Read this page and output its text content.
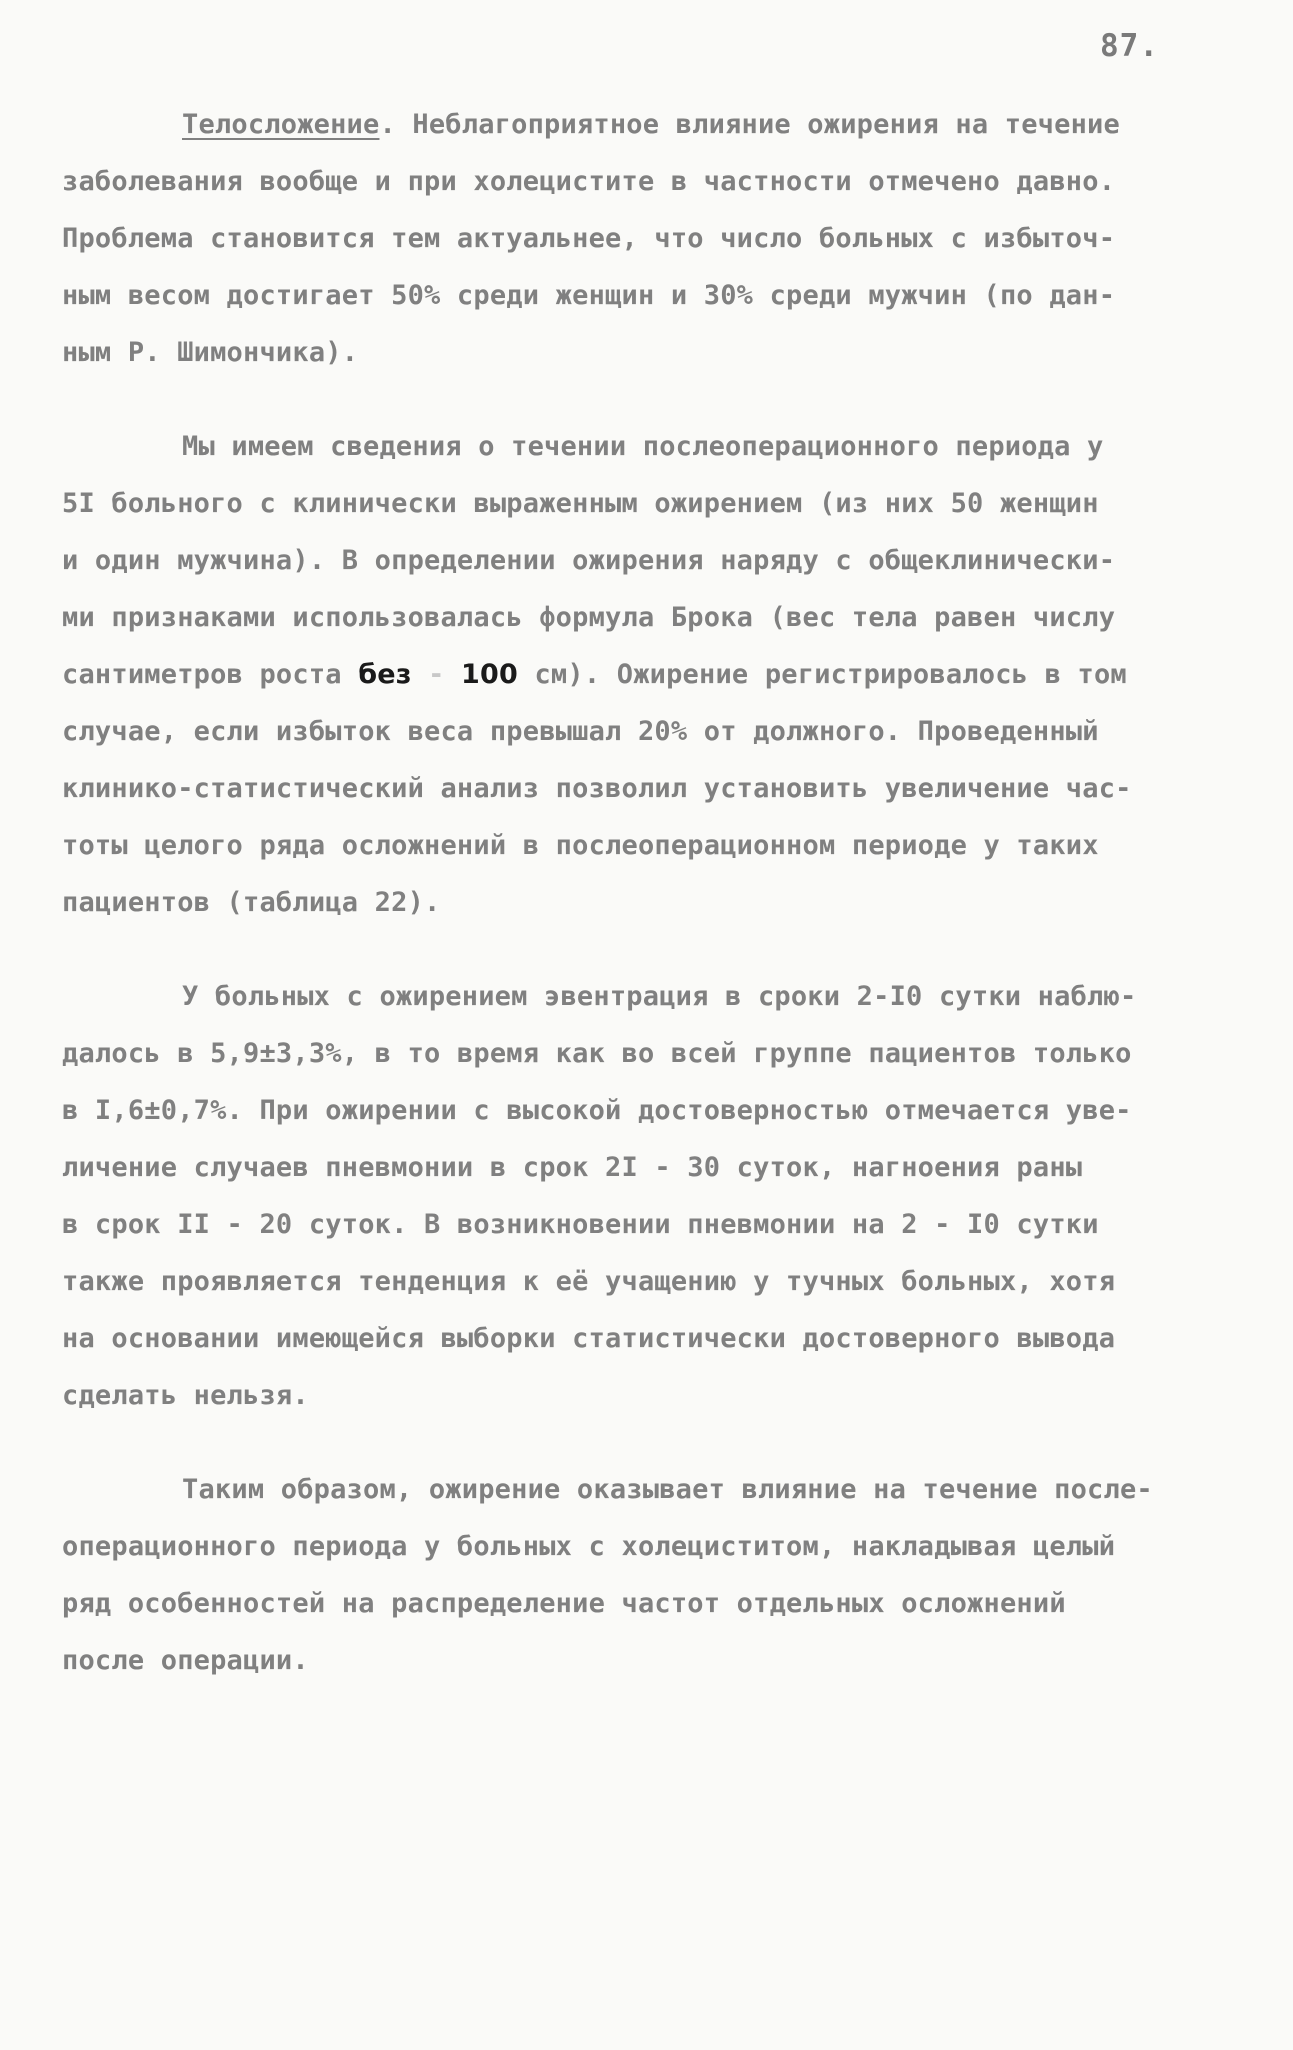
87.
Телосложение. Неблагоприятное влияние ожирения на течение
заболевания вообще и при холецистите в частности отмечено давно.
Проблема становится тем актуальнее, что число больных с избыточ-
ным весом достигает 50% среди женщин и 30% среди мужчин (по дан-
ным Р. Шимончика).
Мы имеем сведения о течении послеоперационного периода у
5I больного с клинически выраженным ожирением (из них 50 женщин
и один мужчина). В определении ожирения наряду с общеклинически-
ми признаками использовалась формула Брока (вес тела равен числу
сантиметров роста без - 100 см). Ожирение регистрировалось в том
случае, если избыток веса превышал 20% от должного. Проведенный
клинико-статистический анализ позволил установить увеличение час-
тоты целого ряда осложнений в послеоперационном периоде у таких
пациентов (таблица 22).
У больных с ожирением эвентрация в сроки 2-I0 сутки наблю-
далось в 5,9±3,3%, в то время как во всей группе пациентов только
в I,6±0,7%. При ожирении с высокой достоверностью отмечается уве-
личение случаев пневмонии в срок 2I - 30 суток, нагноения раны
в срок II - 20 суток. В возникновении пневмонии на 2 - I0 сутки
также проявляется тенденция к её учащению у тучных больных, хотя
на основании имеющейся выборки статистически достоверного вывода
сделать нельзя.
Таким образом, ожирение оказывает влияние на течение после-
операционного периода у больных с холециститом, накладывая целый
ряд особенностей на распределение частот отдельных осложнений
после операции.
